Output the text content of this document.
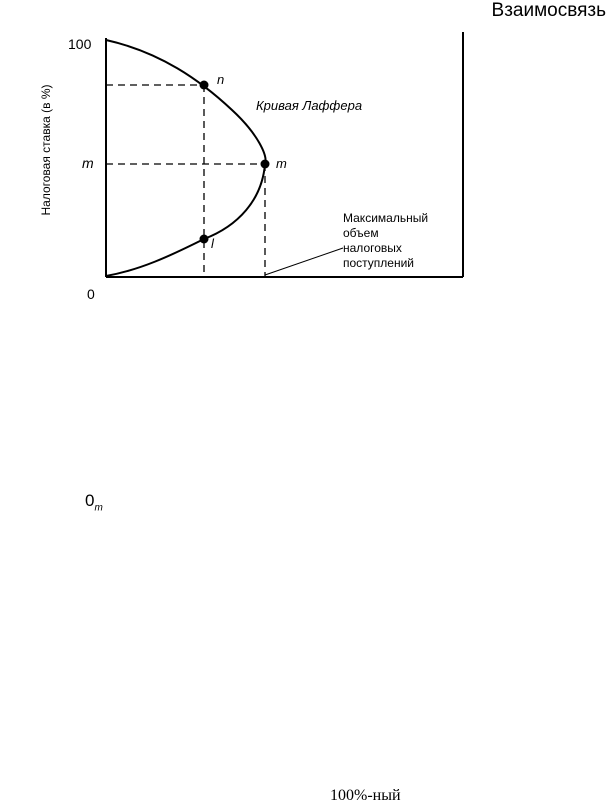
Взаимосвязь
100
m
0
Налоговая ставка (в %)	Кривая Лаффера
n
m
l
Максимальный
объем
налоговых
поступлений
$0_m$
100%-ный
